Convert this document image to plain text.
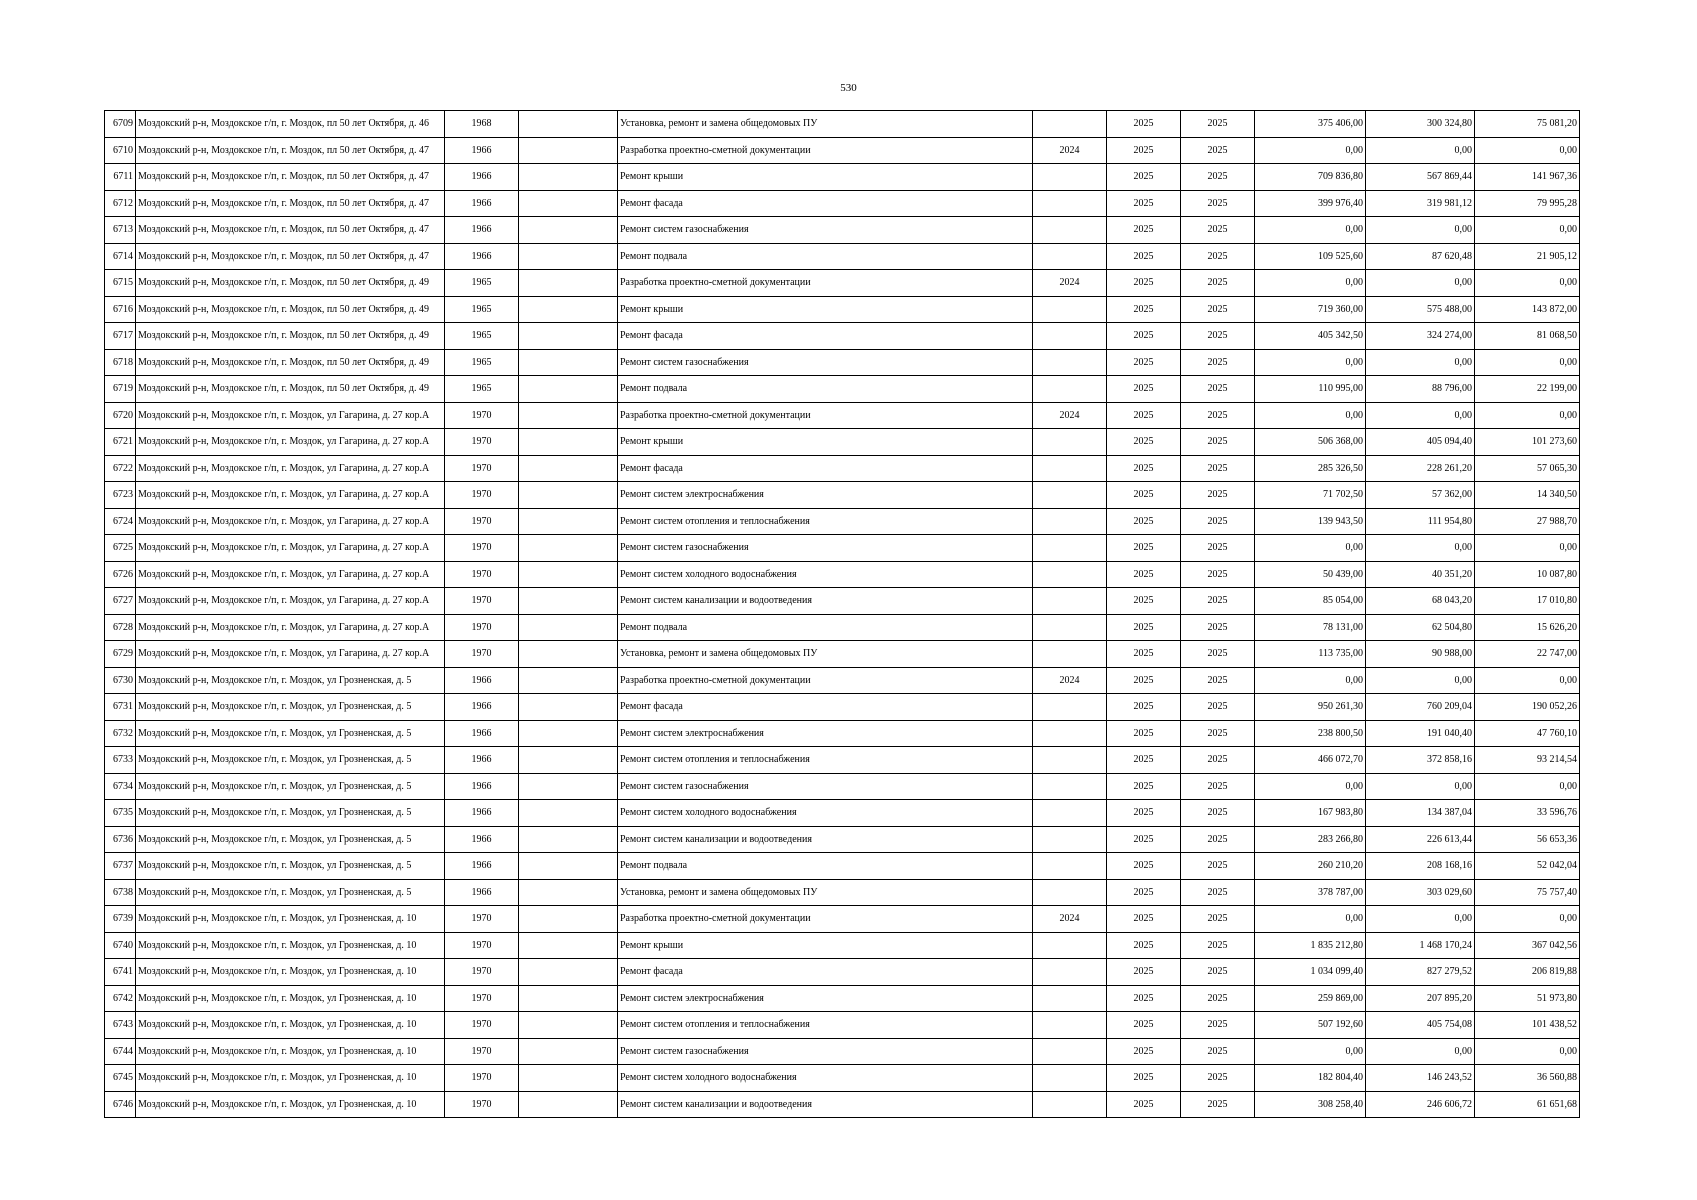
530
6709	Моздокский р-н, Моздокское г/п, г. Моздок, пл 50 лет Октября, д. 46	1968		Установка, ремонт и замена общедомовых ПУ		2025	2025	375 406,00	300 324,80	75 081,20
6710	Моздокский р-н, Моздокское г/п, г. Моздок, пл 50 лет Октября, д. 47	1966		Разработка проектно-сметной документации	2024	2025	2025	0,00	0,00	0,00
6711	Моздокский р-н, Моздокское г/п, г. Моздок, пл 50 лет Октября, д. 47	1966		Ремонт крыши		2025	2025	709 836,80	567 869,44	141 967,36
6712	Моздокский р-н, Моздокское г/п, г. Моздок, пл 50 лет Октября, д. 47	1966		Ремонт фасада		2025	2025	399 976,40	319 981,12	79 995,28
6713	Моздокский р-н, Моздокское г/п, г. Моздок, пл 50 лет Октября, д. 47	1966		Ремонт систем газоснабжения		2025	2025	0,00	0,00	0,00
6714	Моздокский р-н, Моздокское г/п, г. Моздок, пл 50 лет Октября, д. 47	1966		Ремонт подвала		2025	2025	109 525,60	87 620,48	21 905,12
6715	Моздокский р-н, Моздокское г/п, г. Моздок, пл 50 лет Октября, д. 49	1965		Разработка проектно-сметной документации	2024	2025	2025	0,00	0,00	0,00
6716	Моздокский р-н, Моздокское г/п, г. Моздок, пл 50 лет Октября, д. 49	1965		Ремонт крыши		2025	2025	719 360,00	575 488,00	143 872,00
6717	Моздокский р-н, Моздокское г/п, г. Моздок, пл 50 лет Октября, д. 49	1965		Ремонт фасада		2025	2025	405 342,50	324 274,00	81 068,50
6718	Моздокский р-н, Моздокское г/п, г. Моздок, пл 50 лет Октября, д. 49	1965		Ремонт систем газоснабжения		2025	2025	0,00	0,00	0,00
6719	Моздокский р-н, Моздокское г/п, г. Моздок, пл 50 лет Октября, д. 49	1965		Ремонт подвала		2025	2025	110 995,00	88 796,00	22 199,00
6720	Моздокский р-н, Моздокское г/п, г. Моздок, ул Гагарина, д. 27 кор.А	1970		Разработка проектно-сметной документации	2024	2025	2025	0,00	0,00	0,00
6721	Моздокский р-н, Моздокское г/п, г. Моздок, ул Гагарина, д. 27 кор.А	1970		Ремонт крыши		2025	2025	506 368,00	405 094,40	101 273,60
6722	Моздокский р-н, Моздокское г/п, г. Моздок, ул Гагарина, д. 27 кор.А	1970		Ремонт фасада		2025	2025	285 326,50	228 261,20	57 065,30
6723	Моздокский р-н, Моздокское г/п, г. Моздок, ул Гагарина, д. 27 кор.А	1970		Ремонт систем электроснабжения		2025	2025	71 702,50	57 362,00	14 340,50
6724	Моздокский р-н, Моздокское г/п, г. Моздок, ул Гагарина, д. 27 кор.А	1970		Ремонт систем отопления и теплоснабжения		2025	2025	139 943,50	111 954,80	27 988,70
6725	Моздокский р-н, Моздокское г/п, г. Моздок, ул Гагарина, д. 27 кор.А	1970		Ремонт систем газоснабжения		2025	2025	0,00	0,00	0,00
6726	Моздокский р-н, Моздокское г/п, г. Моздок, ул Гагарина, д. 27 кор.А	1970		Ремонт систем холодного водоснабжения		2025	2025	50 439,00	40 351,20	10 087,80
6727	Моздокский р-н, Моздокское г/п, г. Моздок, ул Гагарина, д. 27 кор.А	1970		Ремонт систем канализации и водоотведения		2025	2025	85 054,00	68 043,20	17 010,80
6728	Моздокский р-н, Моздокское г/п, г. Моздок, ул Гагарина, д. 27 кор.А	1970		Ремонт подвала		2025	2025	78 131,00	62 504,80	15 626,20
6729	Моздокский р-н, Моздокское г/п, г. Моздок, ул Гагарина, д. 27 кор.А	1970		Установка, ремонт и замена общедомовых ПУ		2025	2025	113 735,00	90 988,00	22 747,00
6730	Моздокский р-н, Моздокское г/п, г. Моздок, ул Грозненская, д. 5	1966		Разработка проектно-сметной документации	2024	2025	2025	0,00	0,00	0,00
6731	Моздокский р-н, Моздокское г/п, г. Моздок, ул Грозненская, д. 5	1966		Ремонт фасада		2025	2025	950 261,30	760 209,04	190 052,26
6732	Моздокский р-н, Моздокское г/п, г. Моздок, ул Грозненская, д. 5	1966		Ремонт систем электроснабжения		2025	2025	238 800,50	191 040,40	47 760,10
6733	Моздокский р-н, Моздокское г/п, г. Моздок, ул Грозненская, д. 5	1966		Ремонт систем отопления и теплоснабжения		2025	2025	466 072,70	372 858,16	93 214,54
6734	Моздокский р-н, Моздокское г/п, г. Моздок, ул Грозненская, д. 5	1966		Ремонт систем газоснабжения		2025	2025	0,00	0,00	0,00
6735	Моздокский р-н, Моздокское г/п, г. Моздок, ул Грозненская, д. 5	1966		Ремонт систем холодного водоснабжения		2025	2025	167 983,80	134 387,04	33 596,76
6736	Моздокский р-н, Моздокское г/п, г. Моздок, ул Грозненская, д. 5	1966		Ремонт систем канализации и водоотведения		2025	2025	283 266,80	226 613,44	56 653,36
6737	Моздокский р-н, Моздокское г/п, г. Моздок, ул Грозненская, д. 5	1966		Ремонт подвала		2025	2025	260 210,20	208 168,16	52 042,04
6738	Моздокский р-н, Моздокское г/п, г. Моздок, ул Грозненская, д. 5	1966		Установка, ремонт и замена общедомовых ПУ		2025	2025	378 787,00	303 029,60	75 757,40
6739	Моздокский р-н, Моздокское г/п, г. Моздок, ул Грозненская, д. 10	1970		Разработка проектно-сметной документации	2024	2025	2025	0,00	0,00	0,00
6740	Моздокский р-н, Моздокское г/п, г. Моздок, ул Грозненская, д. 10	1970		Ремонт крыши		2025	2025	1 835 212,80	1 468 170,24	367 042,56
6741	Моздокский р-н, Моздокское г/п, г. Моздок, ул Грозненская, д. 10	1970		Ремонт фасада		2025	2025	1 034 099,40	827 279,52	206 819,88
6742	Моздокский р-н, Моздокское г/п, г. Моздок, ул Грозненская, д. 10	1970		Ремонт систем электроснабжения		2025	2025	259 869,00	207 895,20	51 973,80
6743	Моздокский р-н, Моздокское г/п, г. Моздок, ул Грозненская, д. 10	1970		Ремонт систем отопления и теплоснабжения		2025	2025	507 192,60	405 754,08	101 438,52
6744	Моздокский р-н, Моздокское г/п, г. Моздок, ул Грозненская, д. 10	1970		Ремонт систем газоснабжения		2025	2025	0,00	0,00	0,00
6745	Моздокский р-н, Моздокское г/п, г. Моздок, ул Грозненская, д. 10	1970		Ремонт систем холодного водоснабжения		2025	2025	182 804,40	146 243,52	36 560,88
6746	Моздокский р-н, Моздокское г/п, г. Моздок, ул Грозненская, д. 10	1970		Ремонт систем канализации и водоотведения		2025	2025	308 258,40	246 606,72	61 651,68
